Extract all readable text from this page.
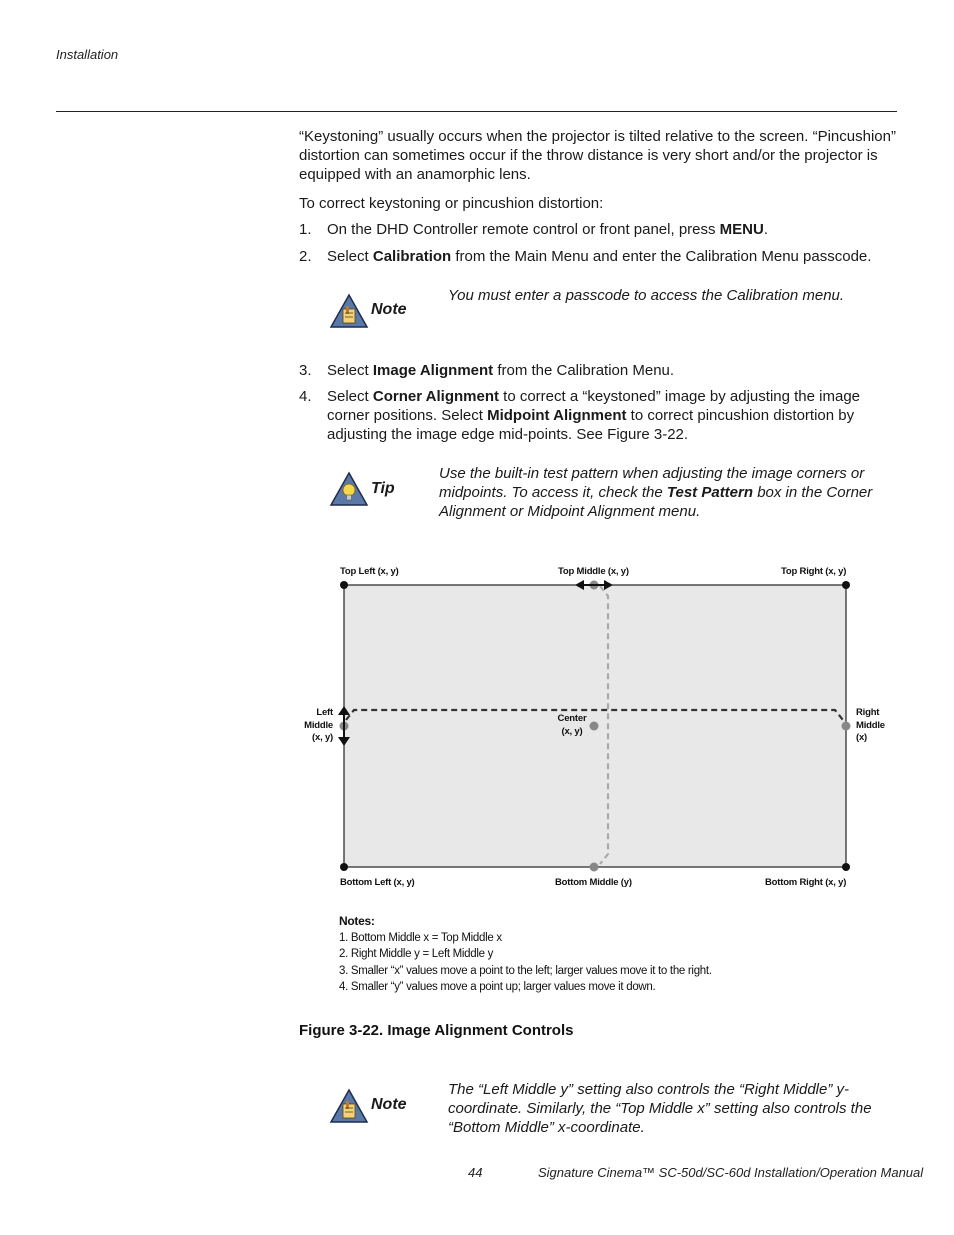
Installation
“Keystoning” usually occurs when the projector is tilted relative to the screen. “Pincushion” distortion can sometimes occur if the throw distance is very short and/or the projector is equipped with an anamorphic lens.
To correct keystoning or pincushion distortion:
1. On the DHD Controller remote control or front panel, press MENU.
2. Select Calibration from the Main Menu and enter the Calibration Menu passcode.
Note
You must enter a passcode to access the Calibration menu.
3. Select Image Alignment from the Calibration Menu.
4. Select Corner Alignment to correct a “keystoned” image by adjusting the image corner positions. Select Midpoint Alignment to correct pincushion distortion by adjusting the image edge mid-points. See Figure 3-22.
Tip
Use the built-in test pattern when adjusting the image corners or midpoints. To access it, check the Test Pattern box in the Corner Alignment or Midpoint Alignment menu.
Top Left (x, y)	Top Middle (x, y)	Top Right (x, y)
Left
Middle
(x, y)
Center
(x, y)
Right
Middle
(x)
Bottom Left (x, y)	Bottom Middle (y)	Bottom Right (x, y)
Notes:
1. Bottom Middle x = Top Middle x
2. Right Middle y = Left Middle y
3. Smaller “x” values move a point to the left; larger values move it to the right.
4. Smaller “y” values move a point up; larger values move it down.
Figure 3-22. Image Alignment Controls
Note
The “Left Middle y” setting also controls the “Right Middle” y-coordinate. Similarly, the “Top Middle x” setting also controls the “Bottom Middle” x-coordinate.
44	Signature Cinema™ SC-50d/SC-60d Installation/Operation Manual
